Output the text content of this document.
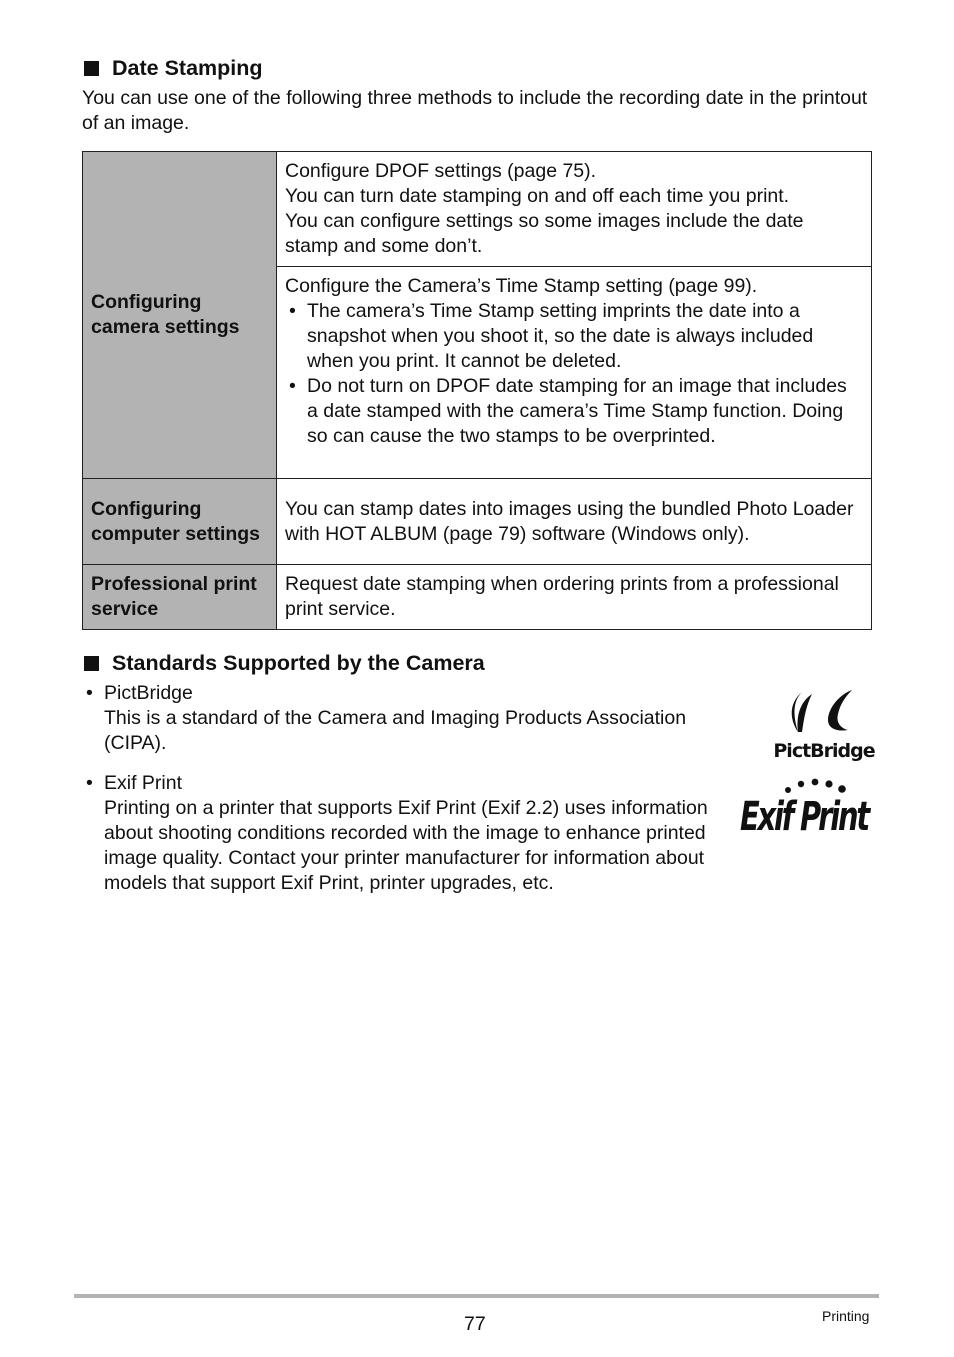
Date Stamping
You can use one of the following three methods to include the recording date in the printout of an image.
Configuring camera settings	Configure DPOF settings (page 75).
You can turn date stamping on and off each time you print.
You can configure settings so some images include the date stamp and some don’t.

	Configure the Camera’s Time Stamp setting (page 99).
• The camera’s Time Stamp setting imprints the date into a snapshot when you shoot it, so the date is always included when you print. It cannot be deleted.
• Do not turn on DPOF date stamping for an image that includes a date stamped with the camera’s Time Stamp function. Doing so can cause the two stamps to be overprinted.

Configuring computer settings	You can stamp dates into images using the bundled Photo Loader with HOT ALBUM (page 79) software (Windows only).
Professional print service	Request date stamping when ordering prints from a professional print service.
Standards Supported by the Camera
• PictBridge
This is a standard of the Camera and Imaging Products Association (CIPA).
• Exif Print
Printing on a printer that supports Exif Print (Exif 2.2) uses information about shooting conditions recorded with the image to enhance printed image quality. Contact your printer manufacturer for information about models that support Exif Print, printer upgrades, etc.
PictBridge
Exif Print
77	Printing
